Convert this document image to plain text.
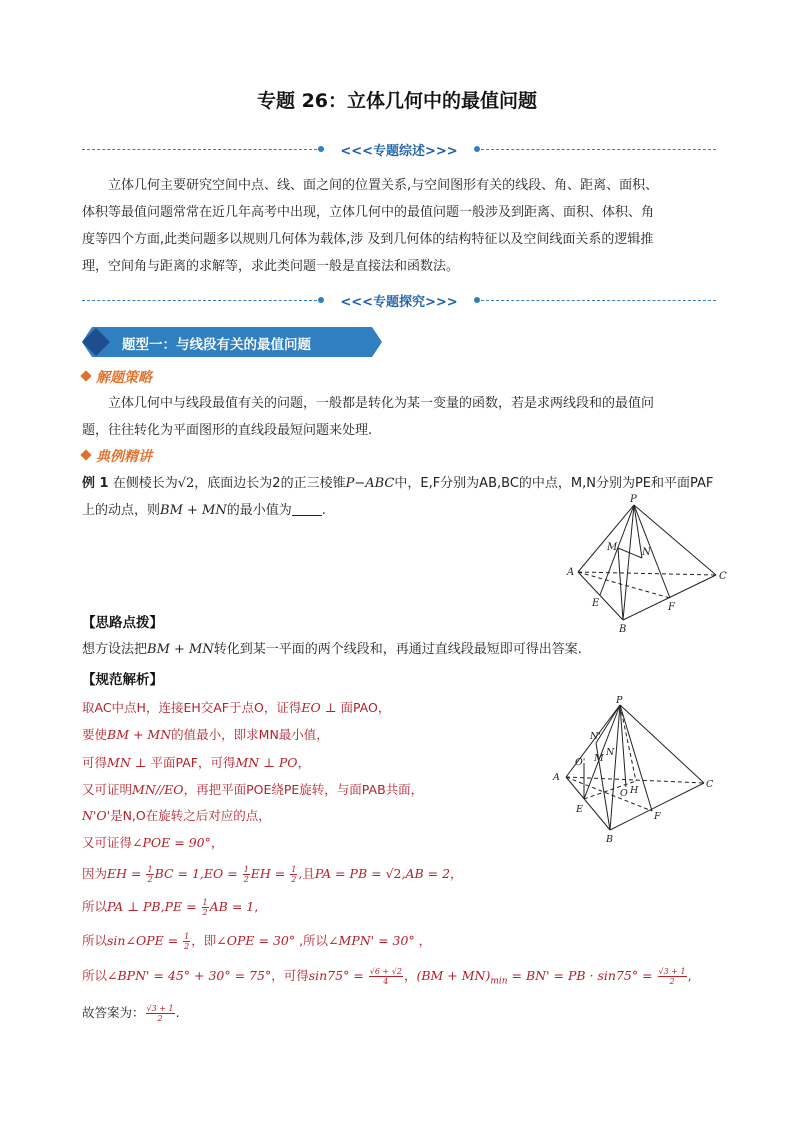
专题 26：立体几何中的最值问题
<<<专题综述>>>
立体几何主要研究空间中点、线、面之间的位置关系,与空间图形有关的线段、角、距离、面积、
体积等最值问题常常在近几年高考中出现，立体几何中的最值问题一般涉及到距离、面积、体积、角
度等四个方面,此类问题多以规则几何体为载体,涉 及到几何体的结构特征以及空间线面关系的逻辑推
理，空间角与距离的求解等，求此类问题一般是直接法和函数法。
<<<专题探究>>>
题型一：与线段有关的最值问题
解题策略
立体几何中与线段最值有关的问题，一般都是转化为某一变量的函数，若是求两线段和的最值问
题，往往转化为平面图形的直线段最短问题来处理.
典例精讲
例 1 在侧棱长为√2，底面边长为2的正三棱锥P−ABC中，E,F分别为AB,BC的中点，M,N分别为PE和平面PAF
上的动点，则BM + MN的最小值为 .
P
A
B
C
E	F
M N
【思路点拨】
想方设法把BM + MN转化到某一平面的两个线段和，再通过直线段最短即可得出答案.
【规范解析】
取AC中点H，连接EH交AF于点O，证得EO ⊥ 面PAO，
要使BM + MN的值最小，即求MN最小值，
可得MN ⊥ 平面PAF，可得MN ⊥ PO，
又可证明MN//EO，再把平面POE绕PE旋转，与面PAB共面，
N'O'是N,O在旋转之后对应的点，
又可证得∠POE = 90°，
因为EH = $\frac{1}{2}$ BC = $1,EO = \frac{1}{2}$ EH = $\frac{1}{2}$ ,且PA = PB = √2,AB = 2，
所以PA ⊥ $PB,PE = \frac{1}{2}$ AB = 1,
所以sin∠OPE = $\frac{1}{2}$ ，即∠OPE = 30° ,所以∠MPN' = 30° ，
所以∠BPN' = 45° + 30° = 75°，可得$\sin 75^\circ = \frac{√6 + √2}{4}$ ，$(BM + MN)_{min} = BN'$ = PB · $\sin 75^\circ = \frac{√3 + 1}{2}$ ,
故答案为： $\frac{√3 + 1}{2}$ .
P
A
B
C
E
F
M
N
N'
O'
O H
